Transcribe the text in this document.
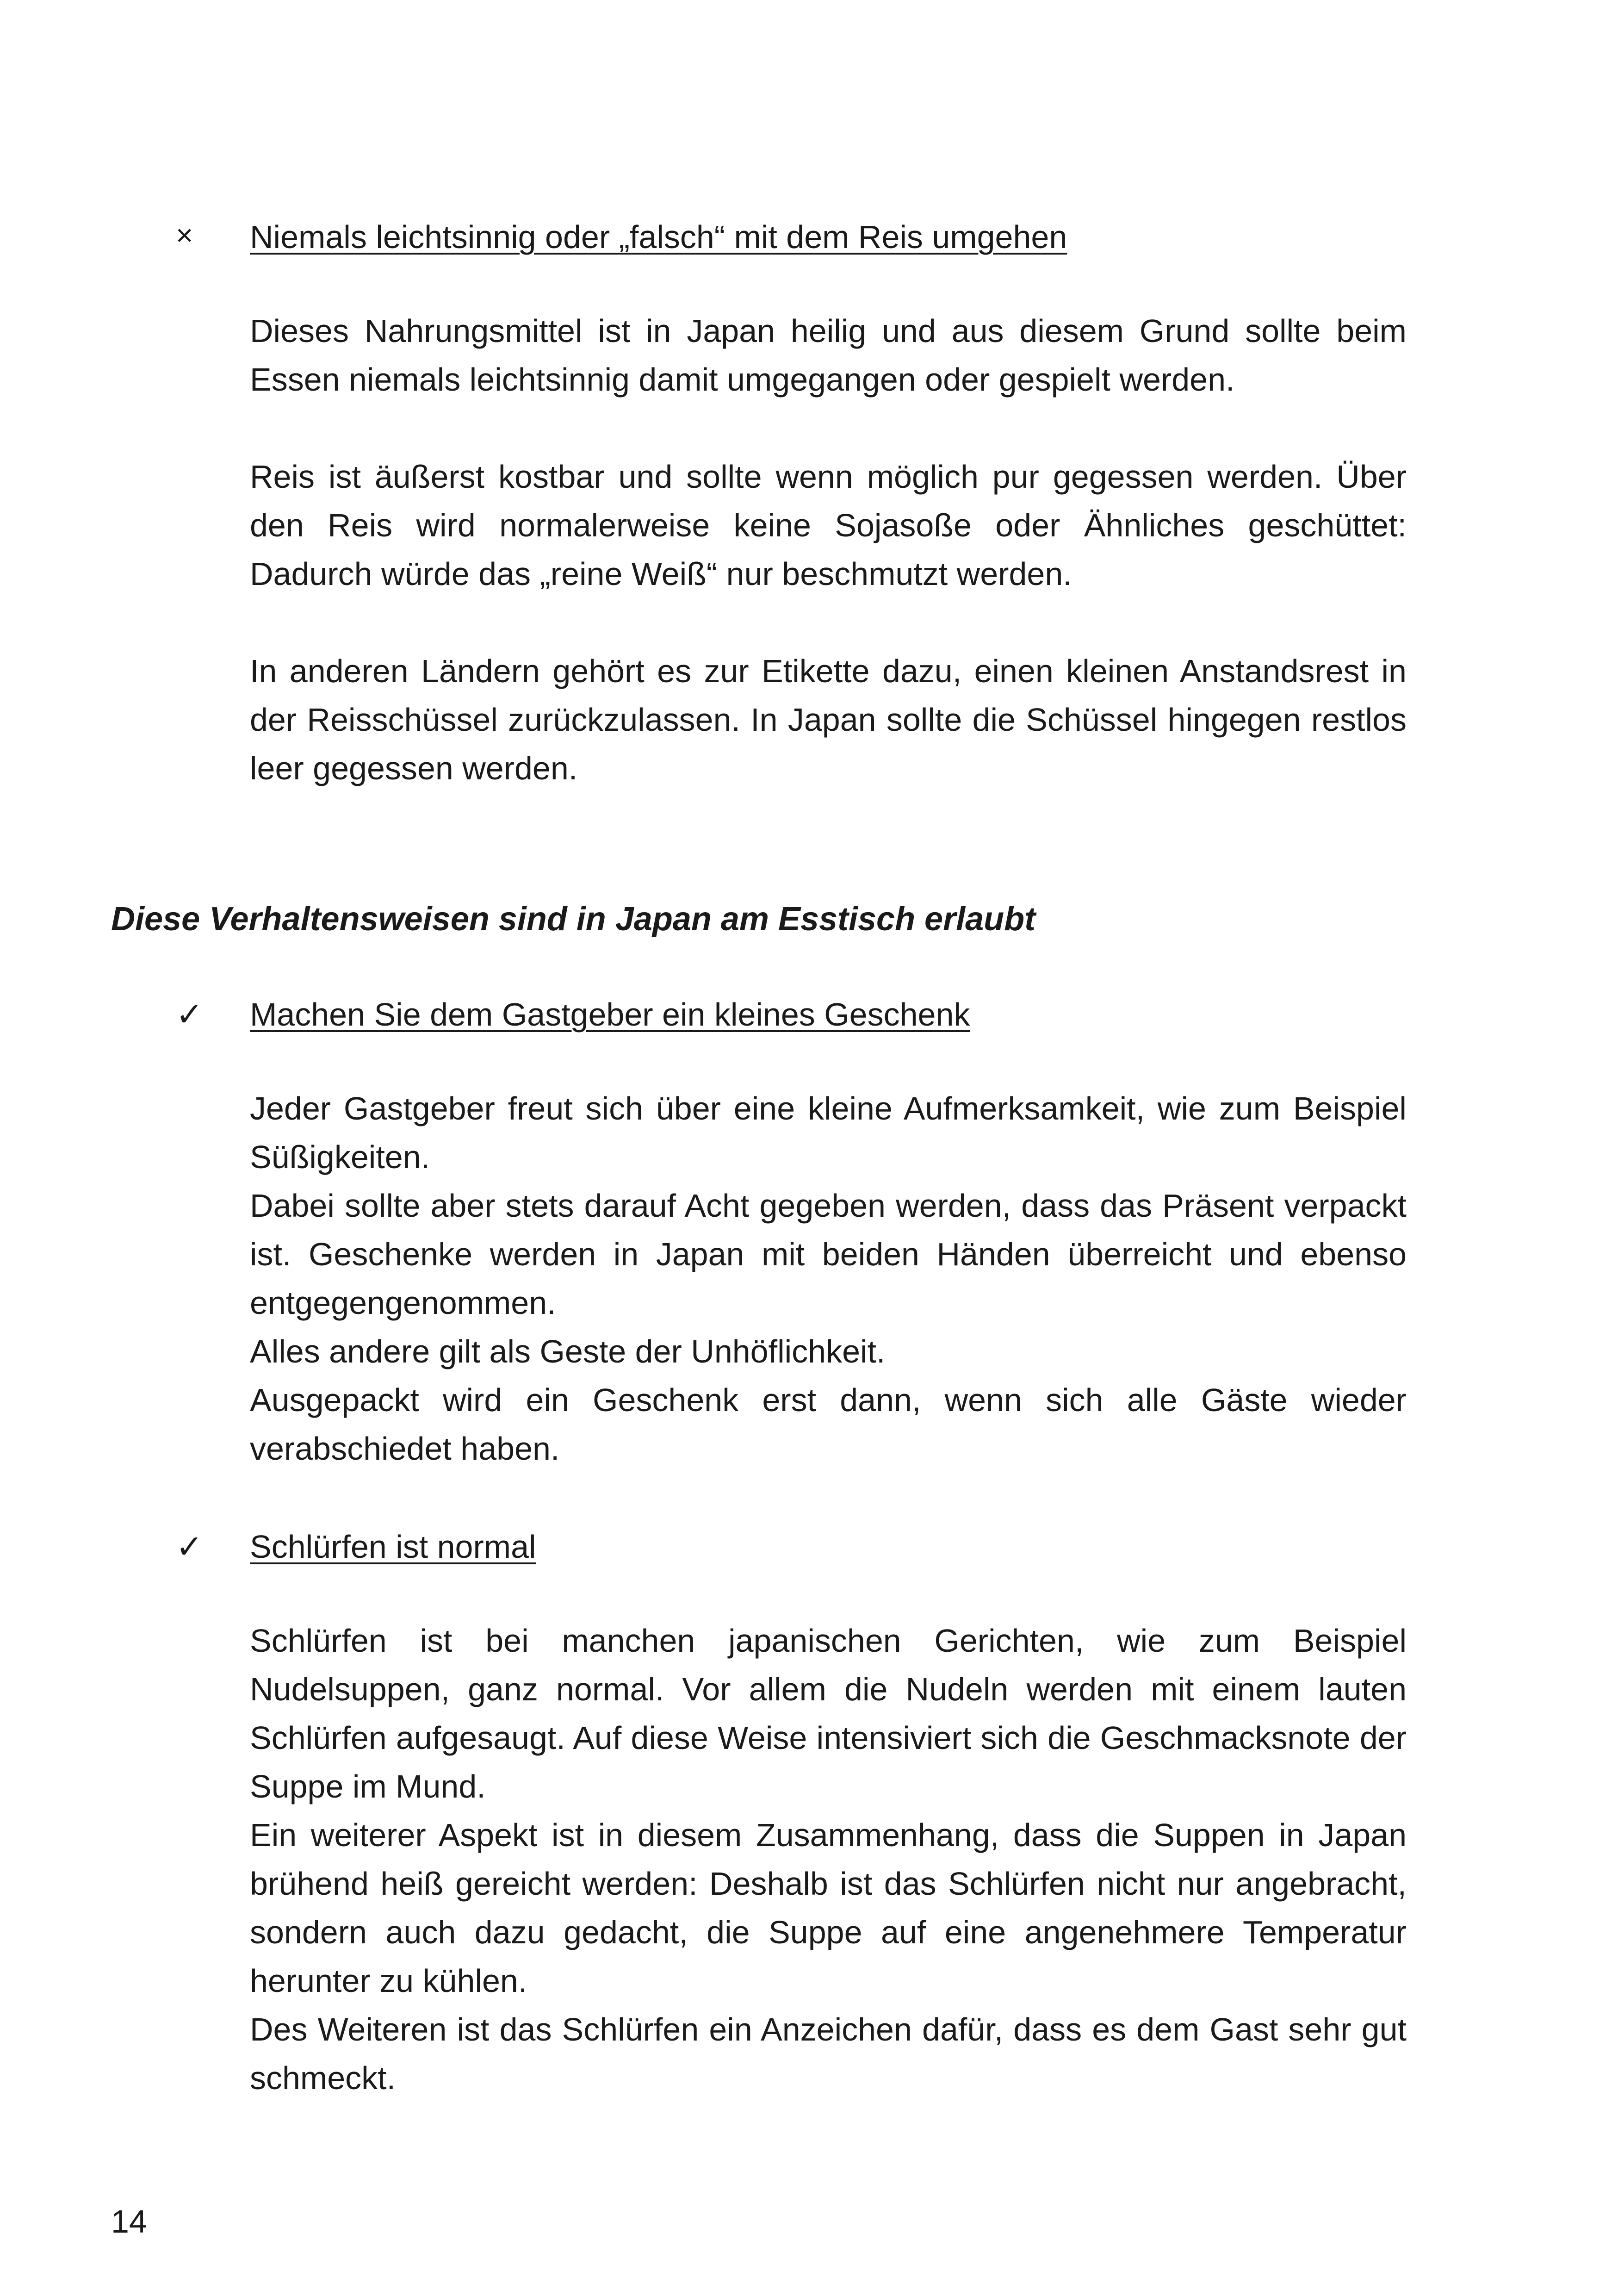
× Niemals leichtsinnig oder „falsch“ mit dem Reis umgehen

Dieses Nahrungsmittel ist in Japan heilig und aus diesem Grund sollte beim Essen niemals leichtsinnig damit umgegangen oder gespielt werden.

Reis ist äußerst kostbar und sollte wenn möglich pur gegessen werden. Über den Reis wird normalerweise keine Sojasoße oder Ähnliches geschüttet: Dadurch würde das „reine Weiß“ nur beschmutzt werden.

In anderen Ländern gehört es zur Etikette dazu, einen kleinen Anstandsrest in der Reisschüssel zurückzulassen. In Japan sollte die Schüssel hingegen restlos leer gegessen werden.

Diese Verhaltensweisen sind in Japan am Esstisch erlaubt
✓ Machen Sie dem Gastgeber ein kleines Geschenk

Jeder Gastgeber freut sich über eine kleine Aufmerksamkeit, wie zum Beispiel Süßigkeiten.

Dabei sollte aber stets darauf Acht gegeben werden, dass das Präsent verpackt ist. Geschenke werden in Japan mit beiden Händen überreicht und ebenso entgegengenommen.

Alles andere gilt als Geste der Unhöflichkeit.

Ausgepackt wird ein Geschenk erst dann, wenn sich alle Gäste wieder verabschiedet haben.

✓ Schlürfen ist normal

Schlürfen ist bei manchen japanischen Gerichten, wie zum Beispiel Nudelsuppen, ganz normal. Vor allem die Nudeln werden mit einem lauten Schlürfen aufgesaugt. Auf diese Weise intensiviert sich die Geschmacksnote der Suppe im Mund.

Ein weiterer Aspekt ist in diesem Zusammenhang, dass die Suppen in Japan brühend heiß gereicht werden: Deshalb ist das Schlürfen nicht nur angebracht, sondern auch dazu gedacht, die Suppe auf eine angenehmere Temperatur herunter zu kühlen.

Des Weiteren ist das Schlürfen ein Anzeichen dafür, dass es dem Gast sehr gut schmeckt.

14
